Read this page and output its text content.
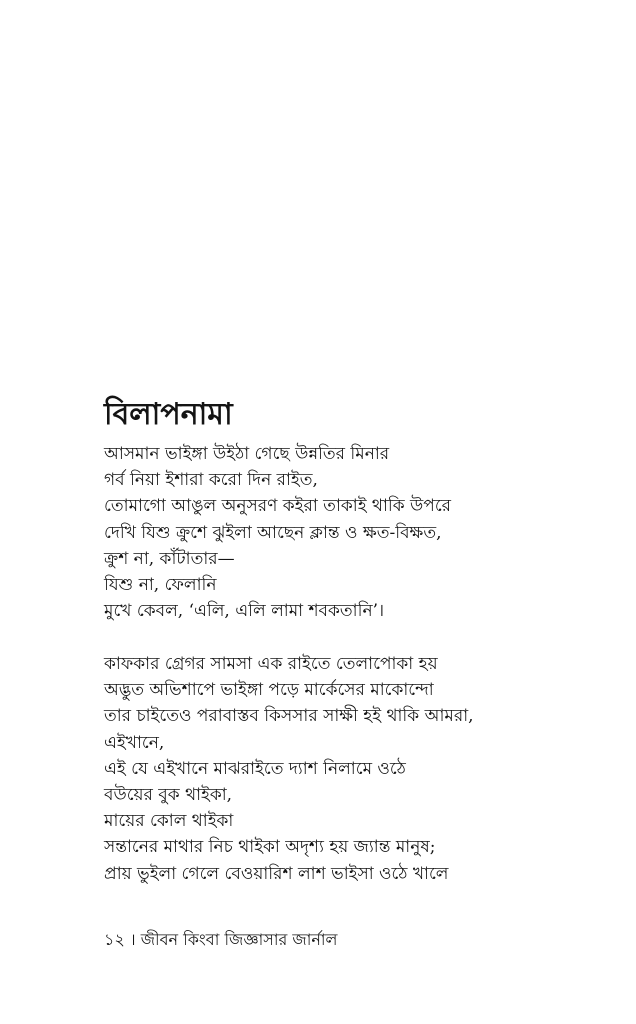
বিলাপনামা
আসমান ভাইঙ্গা উইঠা গেছে উন্নতির মিনার
গর্ব নিয়া ইশারা করো দিন রাইত,
তোমাগো আঙুল অনুসরণ কইরা তাকাই থাকি উপরে
দেখি যিশু ক্রুশে ঝুইলা আছেন ক্লান্ত ও ক্ষত-বিক্ষত,
ক্রুশ না, কাঁটাতার—
যিশু না, ফেলানি
মুখে কেবল, ‘এলি, এলি লামা শবকতানি’।
কাফকার গ্রেগর সামসা এক রাইতে তেলাপোকা হয়
অদ্ভুত অভিশাপে ভাইঙ্গা পড়ে মার্কেসের মাকোন্দো
তার চাইতেও পরাবাস্তব কিসসার সাক্ষী হই থাকি আমরা,
এইখানে,
এই যে এইখানে মাঝরাইতে দ্যাশ নিলামে ওঠে
বউয়ের বুক থাইকা,
মায়ের কোল থাইকা
সন্তানের মাথার নিচ থাইকা অদৃশ্য হয় জ্যান্ত মানুষ;
প্রায় ভুইলা গেলে বেওয়ারিশ লাশ ভাইসা ওঠে খালে
১২ । জীবন কিংবা জিজ্ঞাসার জার্নাল
